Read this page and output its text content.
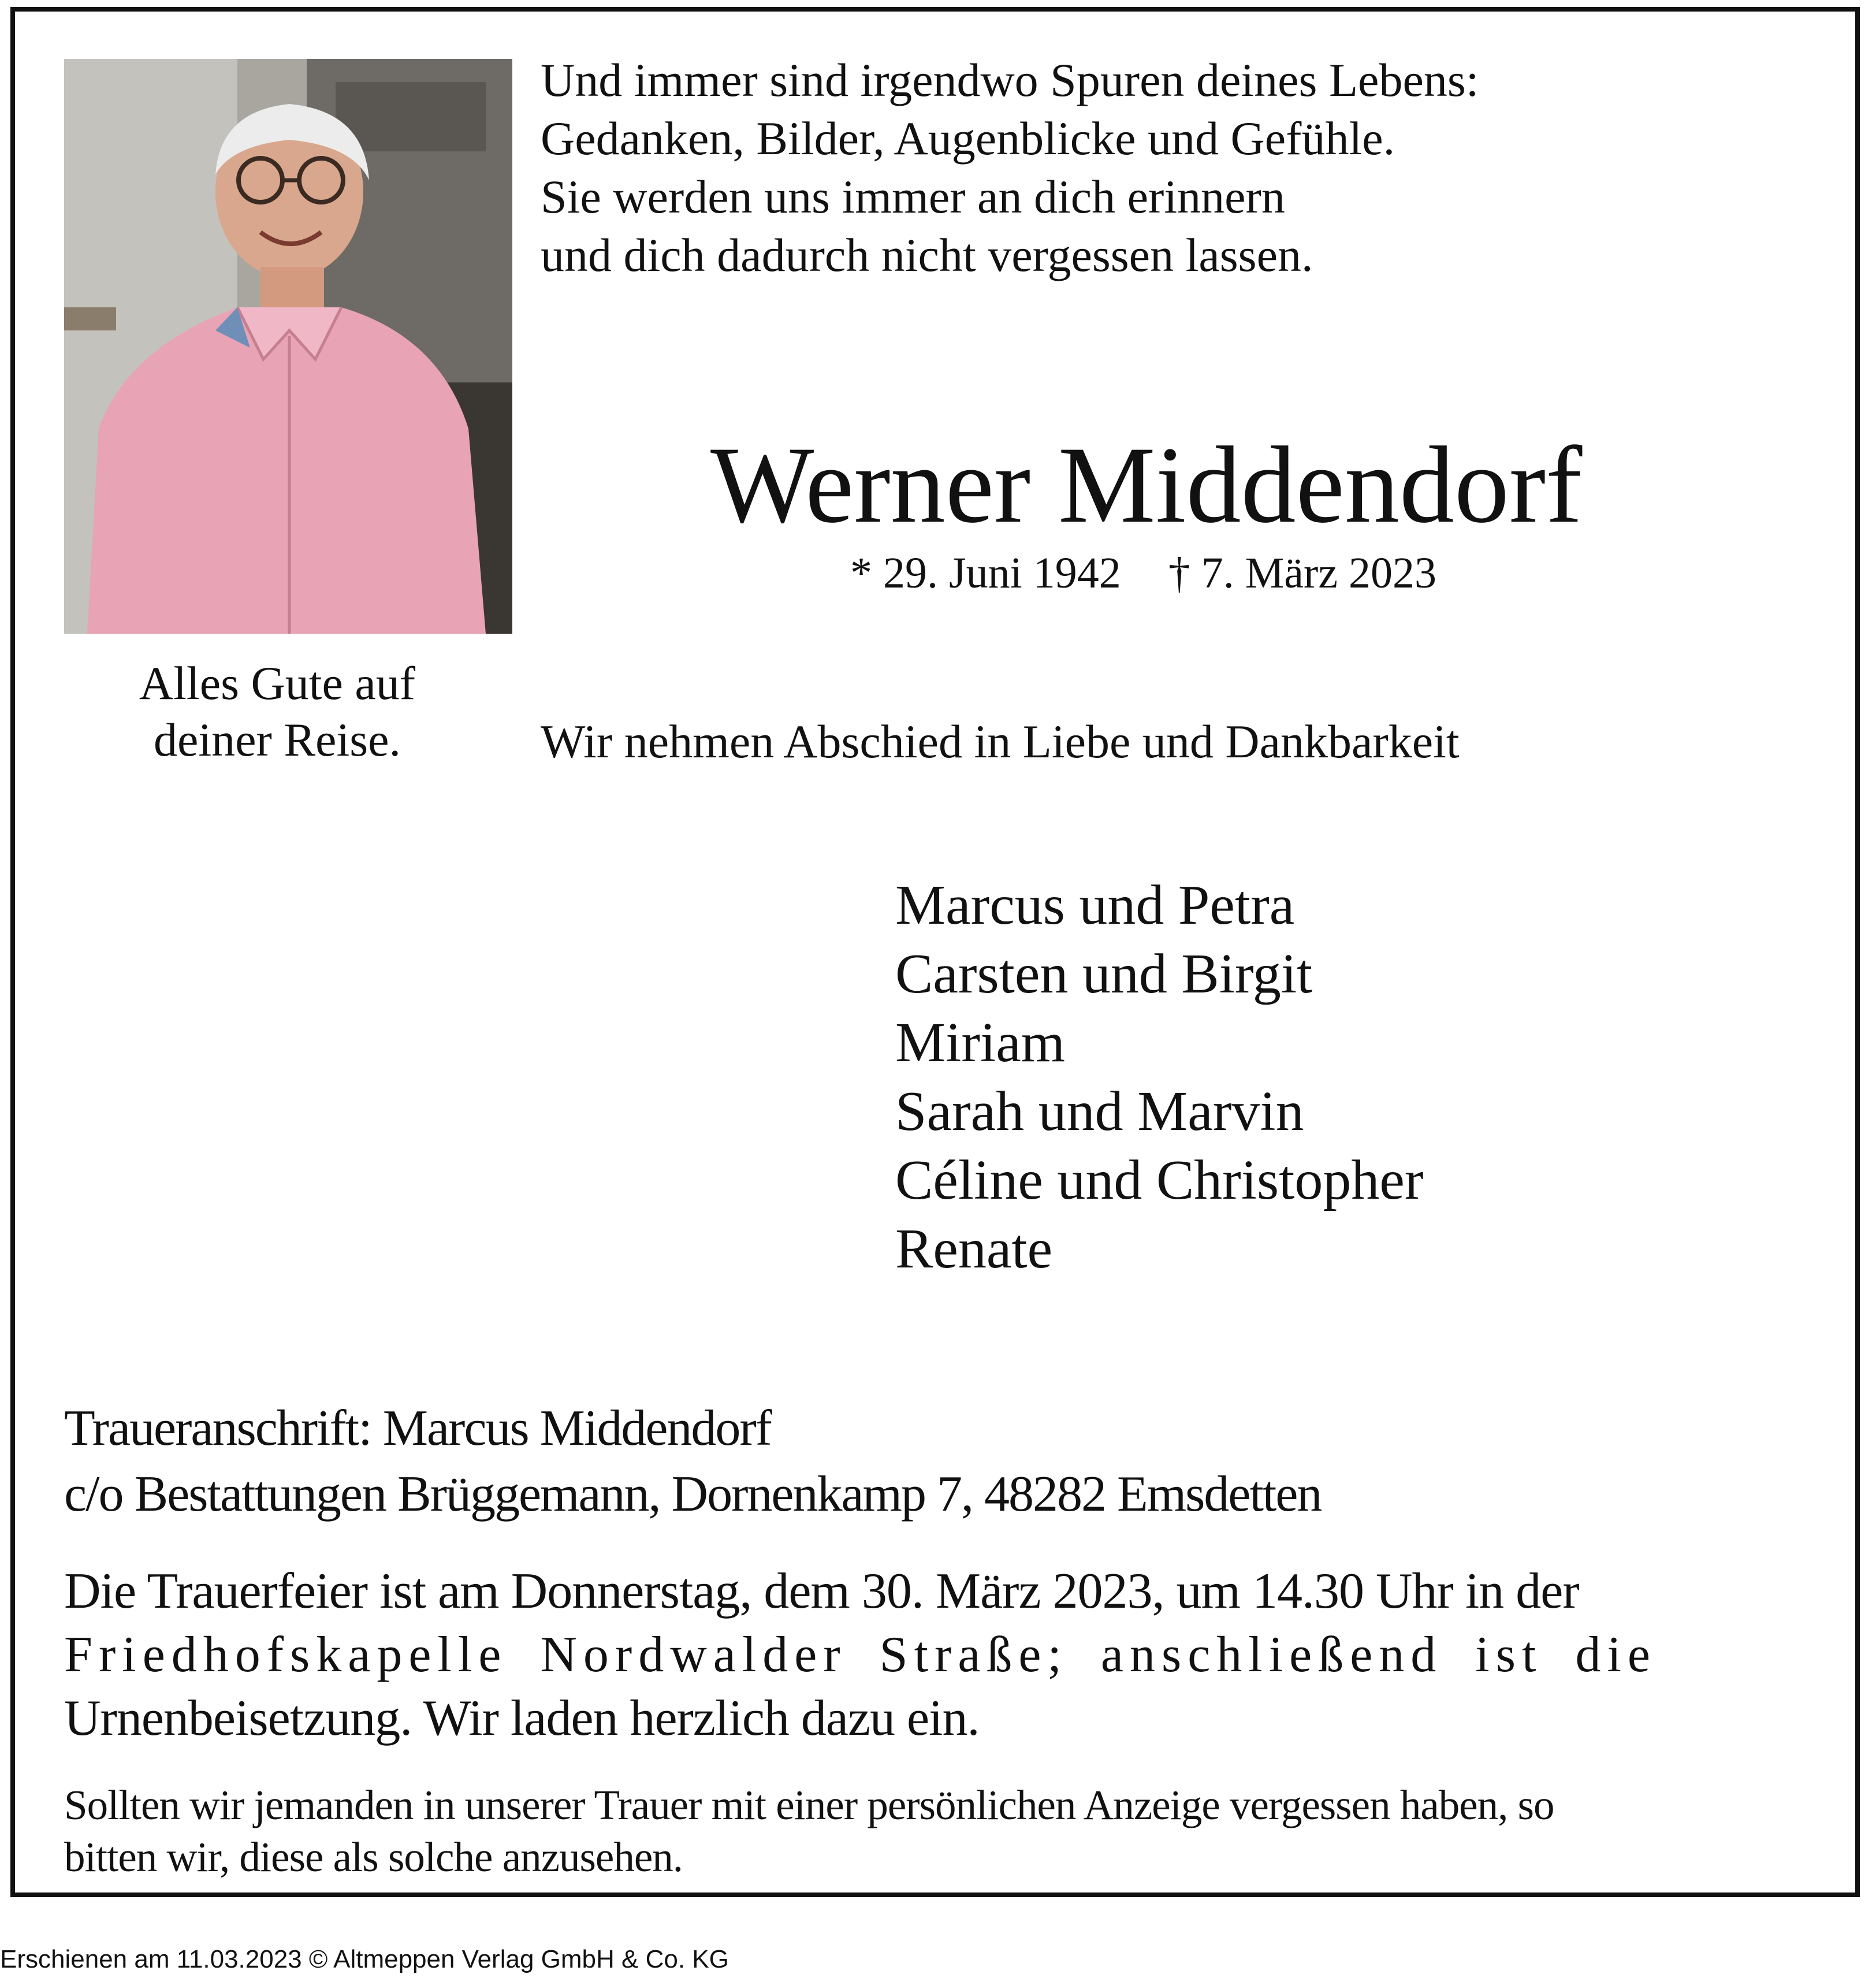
Und immer sind irgendwo Spuren deines Lebens:
Gedanken, Bilder, Augenblicke und Gefühle.
Sie werden uns immer an dich erinnern
und dich dadurch nicht vergessen lassen.
Werner Middendorf
* 29. Juni 1942 † 7. März 2023
Alles Gute auf
deiner Reise.	Wir nehmen Abschied in Liebe und Dankbarkeit
Marcus und Petra
Carsten und Birgit
Miriam
Sarah und Marvin
Céline und Christopher
Renate
Traueranschrift: Marcus Middendorf
c/o Bestattungen Brüggemann, Dornenkamp 7, 48282 Emsdetten
Die Trauerfeier ist am Donnerstag, dem 30. März 2023, um 14.30 Uhr in der
Friedhofskapelle Nordwalder Straße; anschließend ist die
Urnenbeisetzung. Wir laden herzlich dazu ein.
Sollten wir jemanden in unserer Trauer mit einer persönlichen Anzeige vergessen haben, so
bitten wir, diese als solche anzusehen.
Erschienen am 11.03.2023 © Altmeppen Verlag GmbH & Co. KG
